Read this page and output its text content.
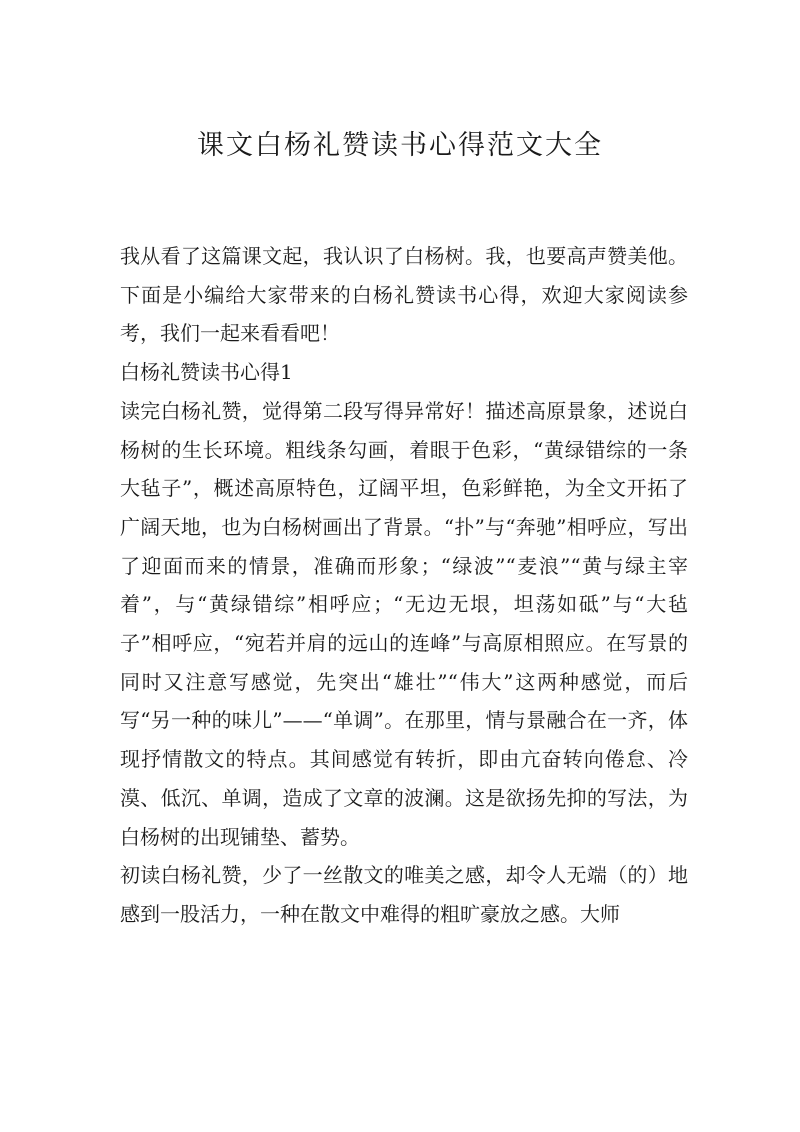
课文白杨礼赞读书心得范文大全

我从看了这篇课文起，我认识了白杨树。我，也要高声赞美他。下面是小编给大家带来的白杨礼赞读书心得，欢迎大家阅读参考，我们一起来看看吧！

白杨礼赞读书心得1

读完白杨礼赞，觉得第二段写得异常好！描述高原景象，述说白杨树的生长环境。粗线条勾画，着眼于色彩，“黄绿错综的一条大毡子”，概述高原特色，辽阔平坦，色彩鲜艳，为全文开拓了广阔天地，也为白杨树画出了背景。“扑”与“奔驰”相呼应，写出了迎面而来的情景，准确而形象；“绿波”“麦浪”“黄与绿主宰着”，与“黄绿错综”相呼应；“无边无垠，坦荡如砥”与“大毡子”相呼应，“宛若并肩的远山的连峰”与高原相照应。在写景的同时又注意写感觉，先突出“雄壮”“伟大”这两种感觉，而后写“另一种的味儿”——“单调”。在那里，情与景融合在一齐，体现抒情散文的特点。其间感觉有转折，即由亢奋转向倦怠、冷漠、低沉、单调，造成了文章的波澜。这是欲扬先抑的写法，为白杨树的出现铺垫、蓄势。

初读白杨礼赞，少了一丝散文的唯美之感，却令人无端（的）地感到一股活力，一种在散文中难得的粗旷豪放之感。大师
